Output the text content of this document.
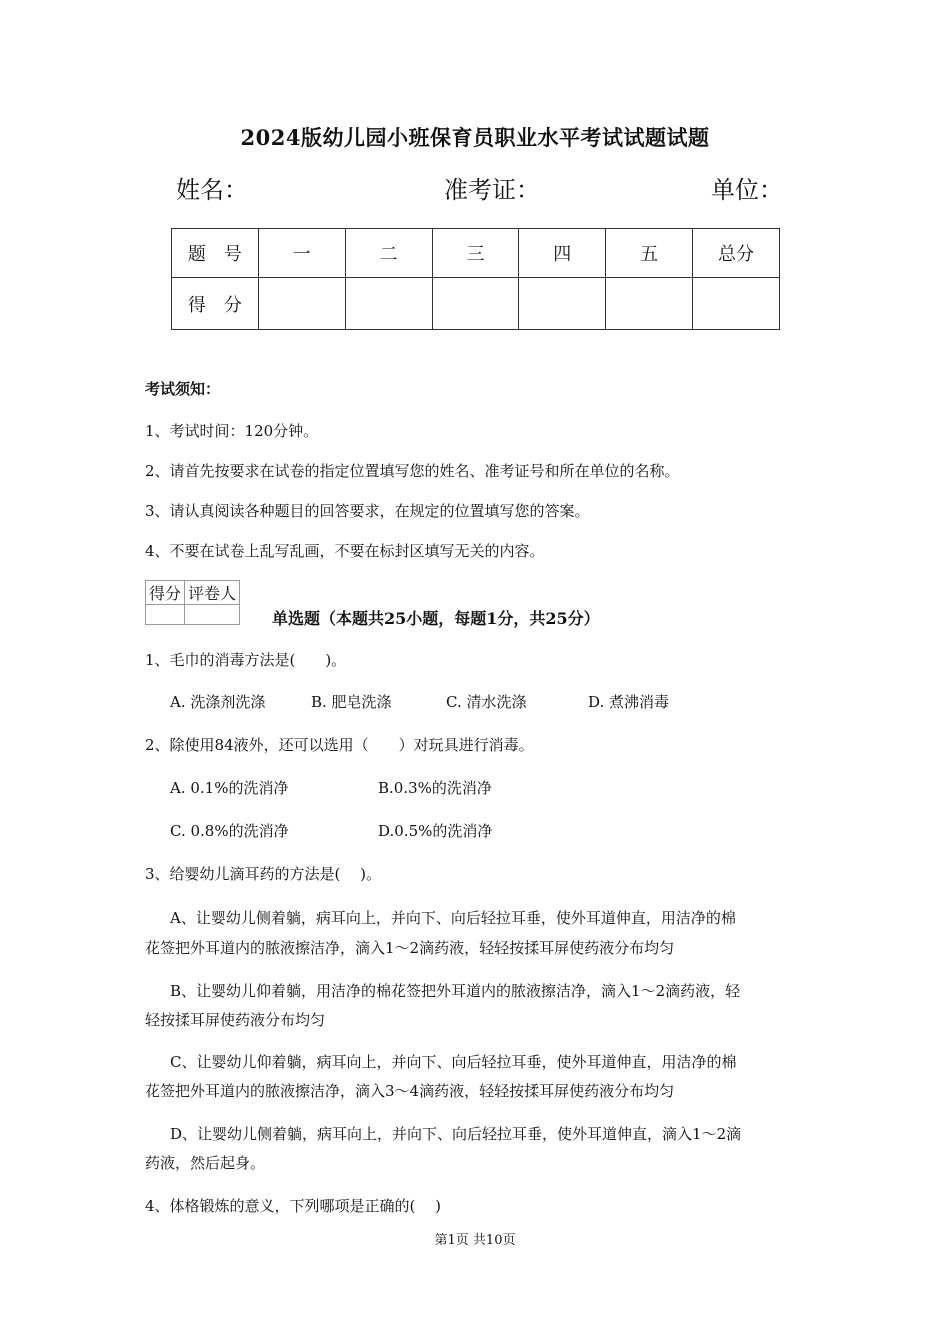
2024版幼儿园小班保育员职业水平考试试题试题
姓名：	准考证：	单位：
题　号	一	二	三	四	五	总分
得　分						
考试须知：
1、考试时间：120分钟。
2、请首先按要求在试卷的指定位置填写您的姓名、准考证号和所在单位的名称。
3、请认真阅读各种题目的回答要求，在规定的位置填写您的答案。
4、不要在试卷上乱写乱画，不要在标封区填写无关的内容。
得分	评卷人

单选题（本题共25小题，每题1分，共25分）
1、毛巾的消毒方法是(　　)。
A. 洗涤剂洗涤	B. 肥皂洗涤	C. 清水洗涤	D. 煮沸消毒
2、除使用84液外，还可以选用（　　）对玩具进行消毒。
A. 0.1%的洗消净	B.0.3%的洗消净
C. 0.8%的洗消净	D.0.5%的洗消净
3、给婴幼儿滴耳药的方法是(　 )。
A、让婴幼儿侧着躺，病耳向上，并向下、向后轻拉耳垂，使外耳道伸直，用洁净的棉
花签把外耳道内的脓液擦洁净，滴入1～2滴药液，轻轻按揉耳屏使药液分布均匀
B、让婴幼儿仰着躺，用洁净的棉花签把外耳道内的脓液擦洁净，滴入1～2滴药液，轻
轻按揉耳屏使药液分布均匀
C、让婴幼儿仰着躺，病耳向上，并向下、向后轻拉耳垂，使外耳道伸直，用洁净的棉
花签把外耳道内的脓液擦洁净，滴入3～4滴药液，轻轻按揉耳屏使药液分布均匀
D、让婴幼儿侧着躺，病耳向上，并向下、向后轻拉耳垂，使外耳道伸直，滴入1～2滴
药液，然后起身。
4、体格锻炼的意义，下列哪项是正确的(　 )
第1页 共10页
